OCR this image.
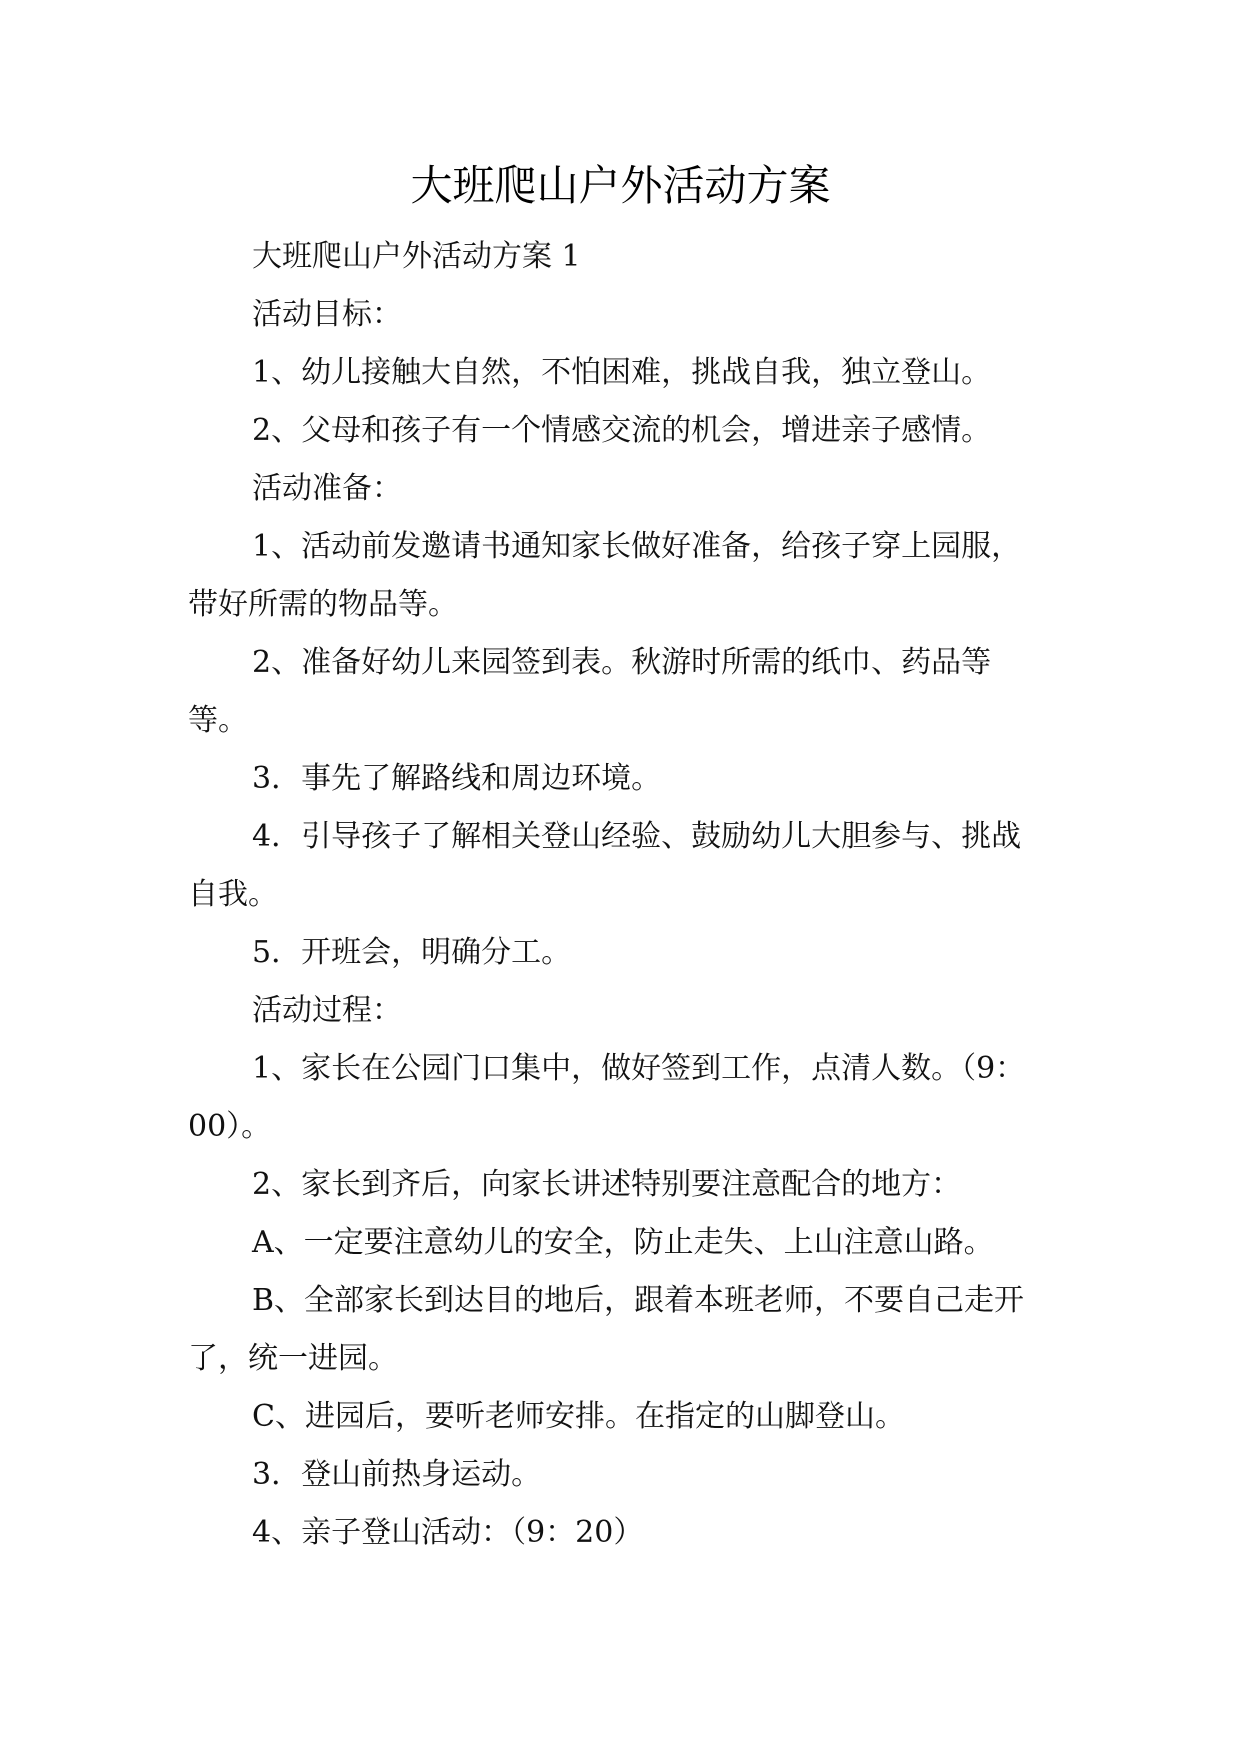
大班爬山户外活动方案

大班爬山户外活动方案 1

活动目标：

1、幼儿接触大自然，不怕困难，挑战自我，独立登山。

2、父母和孩子有一个情感交流的机会，增进亲子感情。

活动准备：

1、活动前发邀请书通知家长做好准备，给孩子穿上园服，带好所需的物品等。

2、准备好幼儿来园签到表。秋游时所需的纸巾、药品等等。

3．事先了解路线和周边环境。

4．引导孩子了解相关登山经验、鼓励幼儿大胆参与、挑战自我。

5．开班会，明确分工。

活动过程：

1、家长在公园门口集中，做好签到工作，点清人数。（9：00）。

2、家长到齐后，向家长讲述特别要注意配合的地方：

A、一定要注意幼儿的安全，防止走失、上山注意山路。

B、全部家长到达目的地后，跟着本班老师，不要自己走开了，统一进园。

C、进园后，要听老师安排。在指定的山脚登山。

3．登山前热身运动。

4、亲子登山活动：（9：20）
